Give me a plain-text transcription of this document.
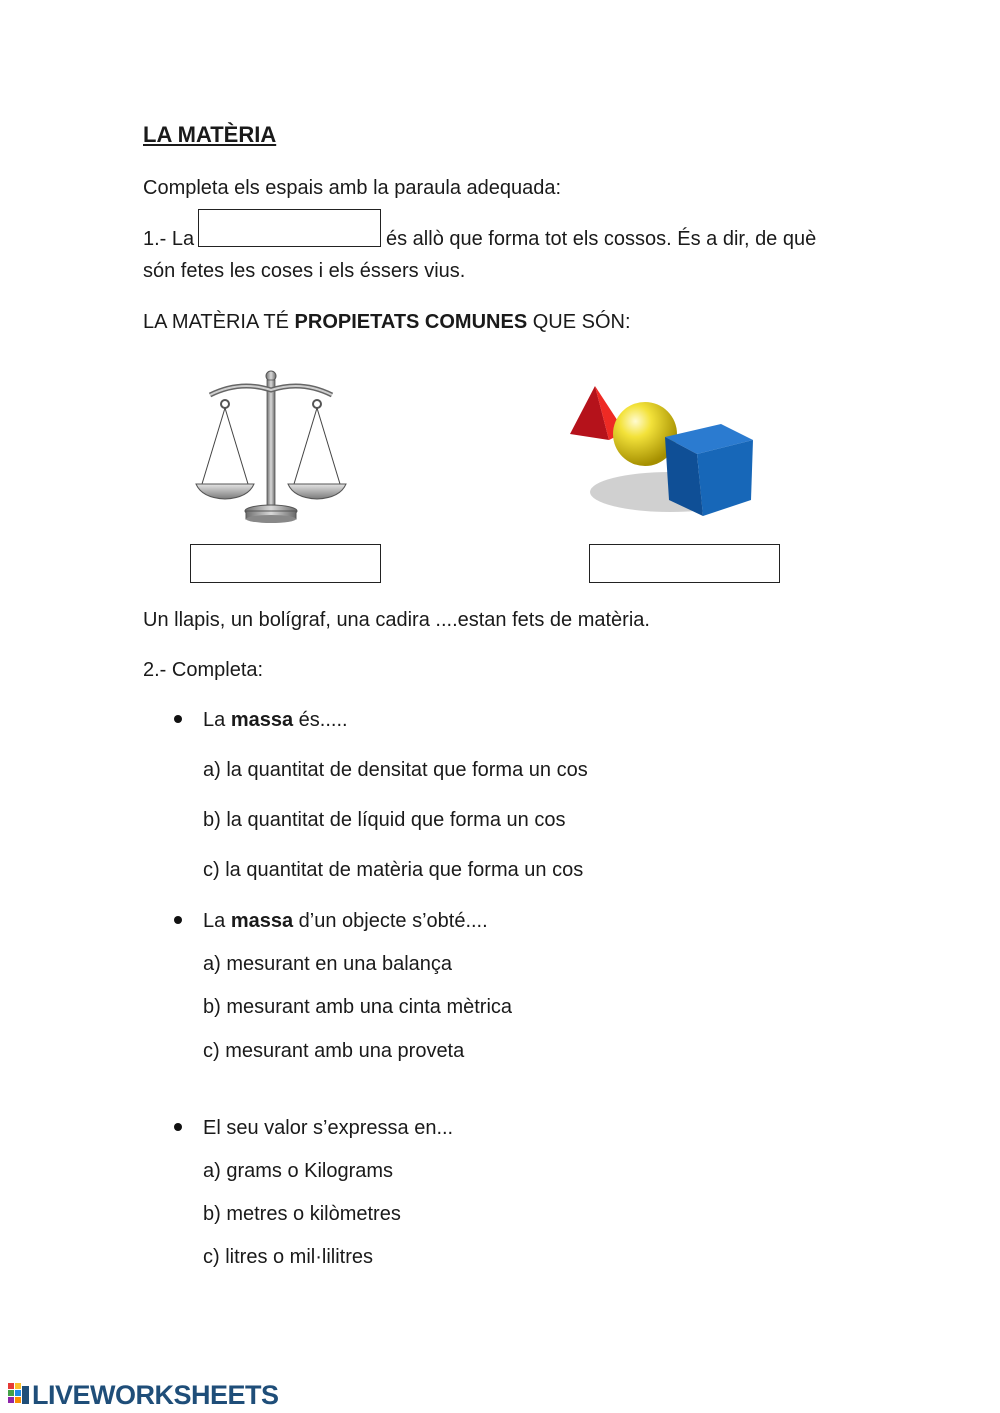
LA MATÈRIA
Completa els espais amb la paraula adequada:
1.- La	és allò que forma tot els cossos. És a dir, de què
són fetes les coses i els éssers vius.
LA MATÈRIA TÉ PROPIETATS COMUNES QUE SÓN:
Un llapis, un bolígraf, una cadira ....estan fets de matèria.
2.- Completa:
La massa és.....
a) la quantitat de densitat que forma un cos
b) la quantitat de líquid que forma un cos
c) la quantitat de matèria que forma un cos
La massa d’un objecte s’obté....
a) mesurant en una balança
b) mesurant amb una cinta mètrica
c) mesurant amb una proveta
El seu valor s’expressa en...
a) grams o Kilograms
b) metres o kilòmetres
c) litres o mil·lilitres
LIVEWORKSHEETS
